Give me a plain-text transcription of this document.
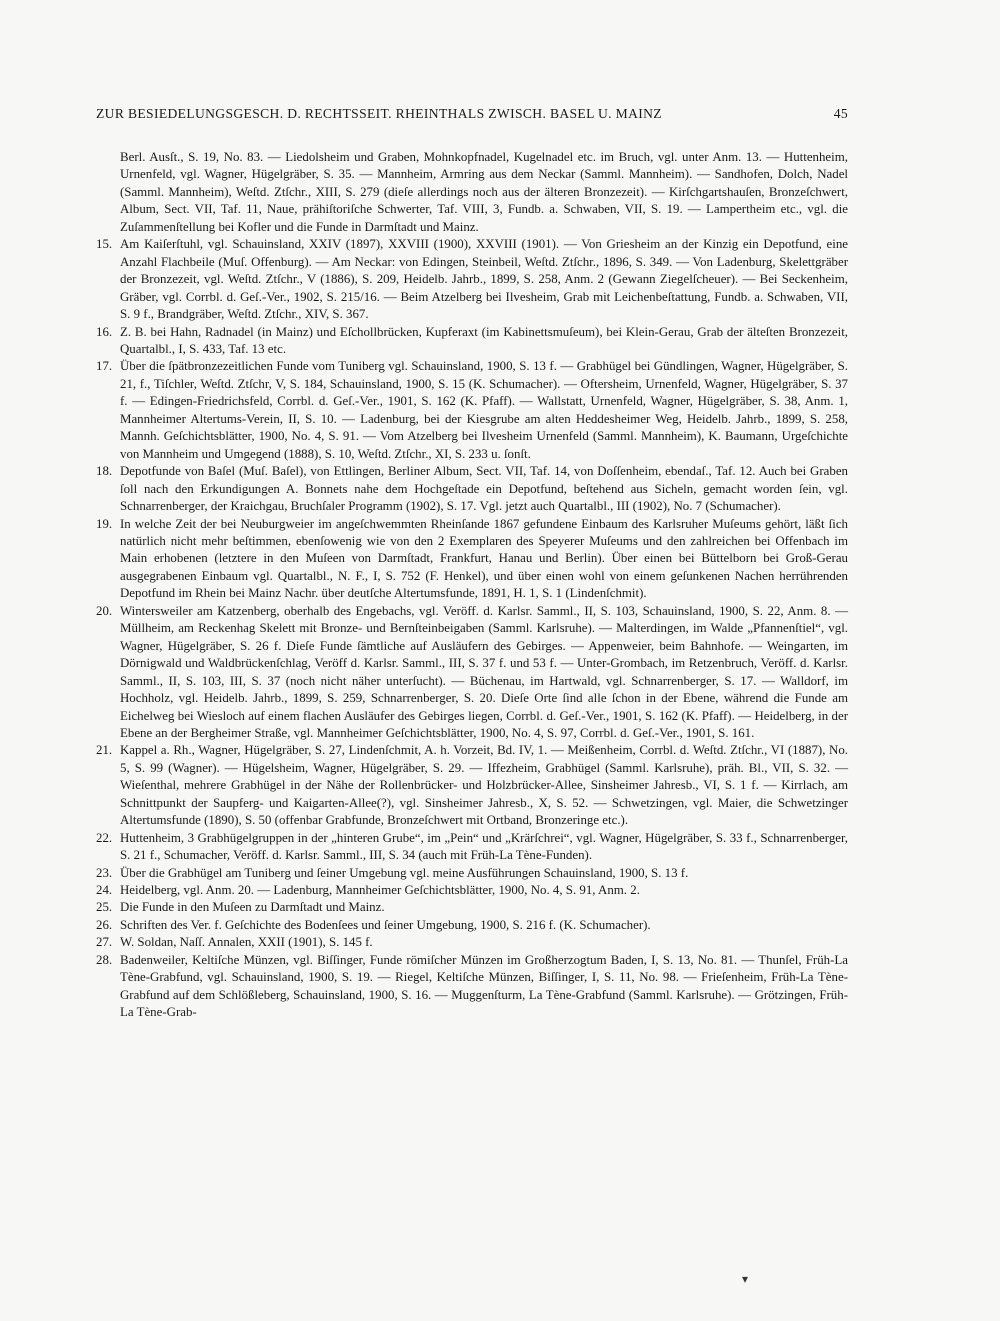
ZUR BESIEDELUNGSGESCH. D. RECHTSSEIT. RHEINTHALS ZWISCH. BASEL U. MAINZ	45

Berl. Ausſt., S. 19, No. 83. — Liedolsheim und Graben, Mohnkopfnadel, Kugelnadel etc. im Bruch, vgl. unter Anm. 13. — Huttenheim, Urnenfeld, vgl. Wagner, Hügelgräber, S. 35. — Mannheim, Armring aus dem Neckar (Samml. Mannheim). — Sandhofen, Dolch, Nadel (Samml. Mannheim), Weſtd. Ztſchr., XIII, S. 279 (dieſe allerdings noch aus der älteren Bronzezeit). — Kirſchgartshauſen, Bronzeſchwert, Album, Sect. VII, Taf. 11, Naue, prähiſtoriſche Schwerter, Taf. VIII, 3, Fundb. a. Schwaben, VII, S. 19. — Lampertheim etc., vgl. die Zuſammenſtellung bei Kofler und die Funde in Darmſtadt und Mainz.

15. Am Kaiſerſtuhl, vgl. Schauinsland, XXIV (1897), XXVIII (1900), XXVIII (1901). — Von Griesheim an der Kinzig ein Depotfund, eine Anzahl Flachbeile (Muſ. Offenburg). — Am Neckar: von Edingen, Steinbeil, Weſtd. Ztſchr., 1896, S. 349. — Von Ladenburg, Skelettgräber der Bronzezeit, vgl. Weſtd. Ztſchr., V (1886), S. 209, Heidelb. Jahrb., 1899, S. 258, Anm. 2 (Gewann Ziegelſcheuer). — Bei Seckenheim, Gräber, vgl. Corrbl. d. Geſ.-Ver., 1902, S. 215/16. — Beim Atzelberg bei Ilvesheim, Grab mit Leichenbeſtattung, Fundb. a. Schwaben, VII, S. 9 f., Brandgräber, Weſtd. Ztſchr., XIV, S. 367.

16. Z. B. bei Hahn, Radnadel (in Mainz) und Eſchollbrücken, Kupferaxt (im Kabinettsmuſeum), bei Klein-Gerau, Grab der älteſten Bronzezeit, Quartalbl., I, S. 433, Taf. 13 etc.

17. Über die ſpätbronzezeitlichen Funde vom Tuniberg vgl. Schauinsland, 1900, S. 13 f. — Grabhügel bei Gündlingen, Wagner, Hügelgräber, S. 21, f., Tiſchler, Weſtd. Ztſchr, V, S. 184, Schauinsland, 1900, S. 15 (K. Schumacher). — Oftersheim, Urnenfeld, Wagner, Hügelgräber, S. 37 f. — Edingen-Friedrichsfeld, Corrbl. d. Geſ.-Ver., 1901, S. 162 (K. Pfaff). — Wallstatt, Urnenfeld, Wagner, Hügelgräber, S. 38, Anm. 1, Mannheimer Altertums-Verein, II, S. 10. — Ladenburg, bei der Kiesgrube am alten Heddesheimer Weg, Heidelb. Jahrb., 1899, S. 258, Mannh. Geſchichtsblätter, 1900, No. 4, S. 91. — Vom Atzelberg bei Ilvesheim Urnenfeld (Samml. Mannheim), K. Baumann, Urgeſchichte von Mannheim und Umgegend (1888), S. 10, Weſtd. Ztſchr., XI, S. 233 u. ſonſt.

18. Depotfunde von Baſel (Muſ. Baſel), von Ettlingen, Berliner Album, Sect. VII, Taf. 14, von Doſſenheim, ebendaſ., Taf. 12. Auch bei Graben ſoll nach den Erkundigungen A. Bonnets nahe dem Hochgeſtade ein Depotfund, beſtehend aus Sicheln, gemacht worden ſein, vgl. Schnarrenberger, der Kraichgau, Bruchſaler Programm (1902), S. 17. Vgl. jetzt auch Quartalbl., III (1902), No. 7 (Schumacher).

19. In welche Zeit der bei Neuburgweier im angeſchwemmten Rheinſande 1867 gefundene Einbaum des Karlsruher Muſeums gehört, läßt ſich natürlich nicht mehr beſtimmen, ebenſowenig wie von den 2 Exemplaren des Speyerer Muſeums und den zahlreichen bei Offenbach im Main erhobenen (letztere in den Muſeen von Darmſtadt, Frankfurt, Hanau und Berlin). Über einen bei Büttelborn bei Groß-Gerau ausgegrabenen Einbaum vgl. Quartalbl., N. F., I, S. 752 (F. Henkel), und über einen wohl von einem geſunkenen Nachen herrührenden Depotfund im Rhein bei Mainz Nachr. über deutſche Altertumsfunde, 1891, H. 1, S. 1 (Lindenſchmit).

20. Wintersweiler am Katzenberg, oberhalb des Engebachs, vgl. Veröff. d. Karlsr. Samml., II, S. 103, Schauinsland, 1900, S. 22, Anm. 8. — Müllheim, am Reckenhag Skelett mit Bronze- und Bernſteinbeigaben (Samml. Karlsruhe). — Malterdingen, im Walde „Pfannenſtiel“, vgl. Wagner, Hügelgräber, S. 26 f. Dieſe Funde ſämtliche auf Ausläufern des Gebirges. — Appenweier, beim Bahnhofe. — Weingarten, im Dörnigwald und Waldbrückenſchlag, Veröff d. Karlsr. Samml., III, S. 37 f. und 53 f. — Unter-Grombach, im Retzenbruch, Veröff. d. Karlsr. Samml., II, S. 103, III, S. 37 (noch nicht näher unterſucht). — Büchenau, im Hartwald, vgl. Schnarrenberger, S. 17. — Walldorf, im Hochholz, vgl. Heidelb. Jahrb., 1899, S. 259, Schnarrenberger, S. 20. Dieſe Orte ſind alle ſchon in der Ebene, während die Funde am Eichelweg bei Wiesloch auf einem flachen Ausläufer des Gebirges liegen, Corrbl. d. Geſ.-Ver., 1901, S. 162 (K. Pfaff). — Heidelberg, in der Ebene an der Bergheimer Straße, vgl. Mannheimer Geſchichtsblätter, 1900, No. 4, S. 97, Corrbl. d. Geſ.-Ver., 1901, S. 161.

21. Kappel a. Rh., Wagner, Hügelgräber, S. 27, Lindenſchmit, A. h. Vorzeit, Bd. IV, 1. — Meißenheim, Corrbl. d. Weſtd. Ztſchr., VI (1887), No. 5, S. 99 (Wagner). — Hügelsheim, Wagner, Hügelgräber, S. 29. — Iffezheim, Grabhügel (Samml. Karlsruhe), präh. Bl., VII, S. 32. — Wieſenthal, mehrere Grabhügel in der Nähe der Rollenbrücker- und Holzbrücker-Allee, Sinsheimer Jahresb., VI, S. 1 f. — Kirrlach, am Schnittpunkt der Saupferg- und Kaigarten-Allee(?), vgl. Sinsheimer Jahresb., X, S. 52. — Schwetzingen, vgl. Maier, die Schwetzinger Altertumsfunde (1890), S. 50 (offenbar Grabfunde, Bronzeſchwert mit Ortband, Bronzeringe etc.).

22. Huttenheim, 3 Grabhügelgruppen in der „hinteren Grube“, im „Pein“ und „Krärſchrei“, vgl. Wagner, Hügelgräber, S. 33 f., Schnarrenberger, S. 21 f., Schumacher, Veröff. d. Karlsr. Samml., III, S. 34 (auch mit Früh-La Tène-Funden).

23. Über die Grabhügel am Tuniberg und ſeiner Umgebung vgl. meine Ausführungen Schauinsland, 1900, S. 13 f.

24. Heidelberg, vgl. Anm. 20. — Ladenburg, Mannheimer Geſchichtsblätter, 1900, No. 4, S. 91, Anm. 2.

25. Die Funde in den Muſeen zu Darmſtadt und Mainz.

26. Schriften des Ver. f. Geſchichte des Bodenſees und ſeiner Umgebung, 1900, S. 216 f. (K. Schumacher).

27. W. Soldan, Naſſ. Annalen, XXII (1901), S. 145 f.

28. Badenweiler, Keltiſche Münzen, vgl. Biſſinger, Funde römiſcher Münzen im Großherzogtum Baden, I, S. 13, No. 81. — Thunſel, Früh-La Tène-Grabfund, vgl. Schauinsland, 1900, S. 19. — Riegel, Keltiſche Münzen, Biſſinger, I, S. 11, No. 98. — Frieſenheim, Früh-La Tène-Grabfund auf dem Schlößleberg, Schauinsland, 1900, S. 16. — Muggenſturm, La Tène-Grabfund (Samml. Karlsruhe). — Grötzingen, Früh-La Tène-Grab-

▾
